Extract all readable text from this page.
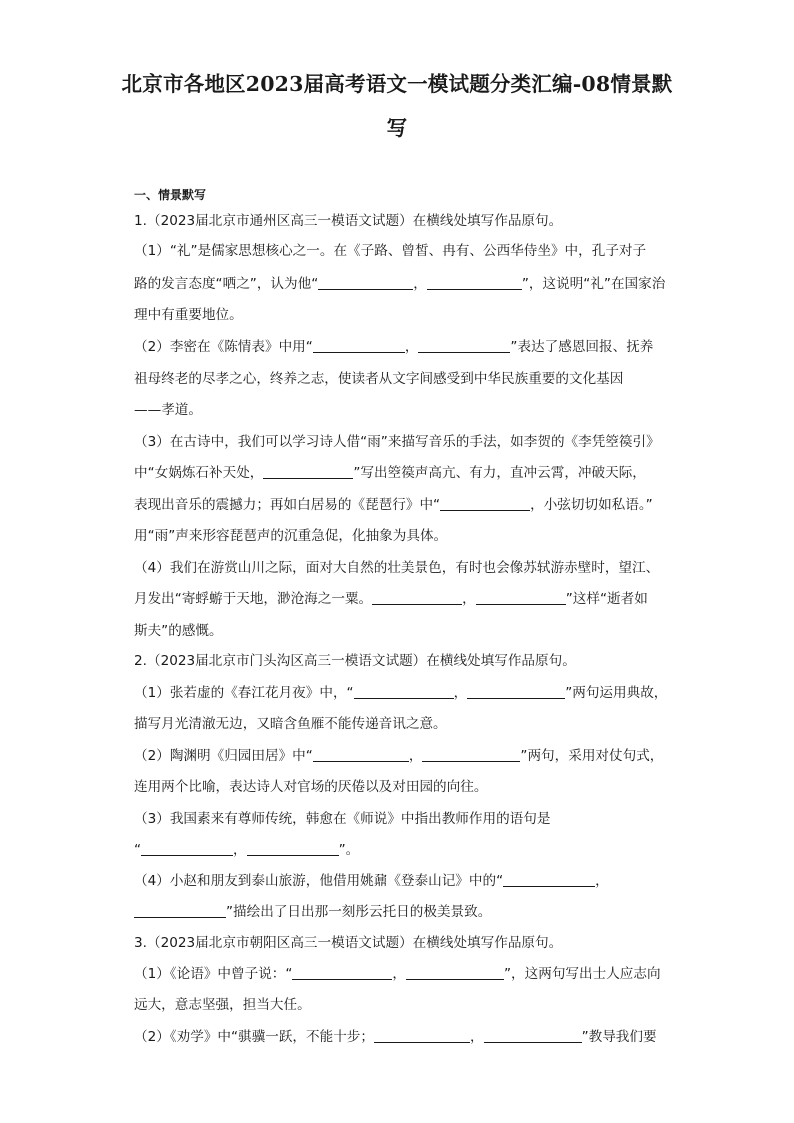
北京市各地区2023届高考语文一模试题分类汇编-08情景默
写
一、情景默写
1.（2023届北京市通州区高三一模语文试题）在横线处填写作品原句。
（1）“礼”是儒家思想核心之一。在《子路、曾皙、冉有、公西华侍坐》中，孔子对子
路的发言态度“哂之”，认为他“	，	”，这说明“礼”在国家治
理中有重要地位。
（2）李密在《陈情表》中用“	，	”表达了感恩回报、抚养
祖母终老的尽孝之心，终养之志，使读者从文字间感受到中华民族重要的文化基因
——孝道。
（3）在古诗中，我们可以学习诗人借“雨”来描写音乐的手法，如李贺的《李凭箜篌引》
中“女娲炼石补天处，	”写出箜篌声高亢、有力，直冲云霄，冲破天际，
表现出音乐的震撼力；再如白居易的《琵琶行》中“	，小弦切切如私语。”
用“雨”声来形容琵琶声的沉重急促，化抽象为具体。
（4）我们在游赏山川之际，面对大自然的壮美景色，有时也会像苏轼游赤壁时，望江、
月发出“寄蜉蝣于天地，渺沧海之一粟。	，	”这样“逝者如
斯夫”的感慨。
2.（2023届北京市门头沟区高三一模语文试题）在横线处填写作品原句。
（1）张若虚的《春江花月夜》中，“	，	”两句运用典故，
描写月光清澈无边，又暗含鱼雁不能传递音讯之意。
（2）陶渊明《归园田居》中“	，	”两句，采用对仗句式，
连用两个比喻，表达诗人对官场的厌倦以及对田园的向往。
（3）我国素来有尊师传统，韩愈在《师说》中指出教师作用的语句是
“	，	”。
（4）小赵和朋友到泰山旅游，他借用姚鼐《登泰山记》中的“	，
”描绘出了日出那一刻彤云托日的极美景致。
3.（2023届北京市朝阳区高三一模语文试题）在横线处填写作品原句。
（1）《论语》中曾子说：“	，	”，这两句写出士人应志向
远大，意志坚强，担当大任。
（2）《劝学》中“骐骥一跃，不能十步；	，	”教导我们要
